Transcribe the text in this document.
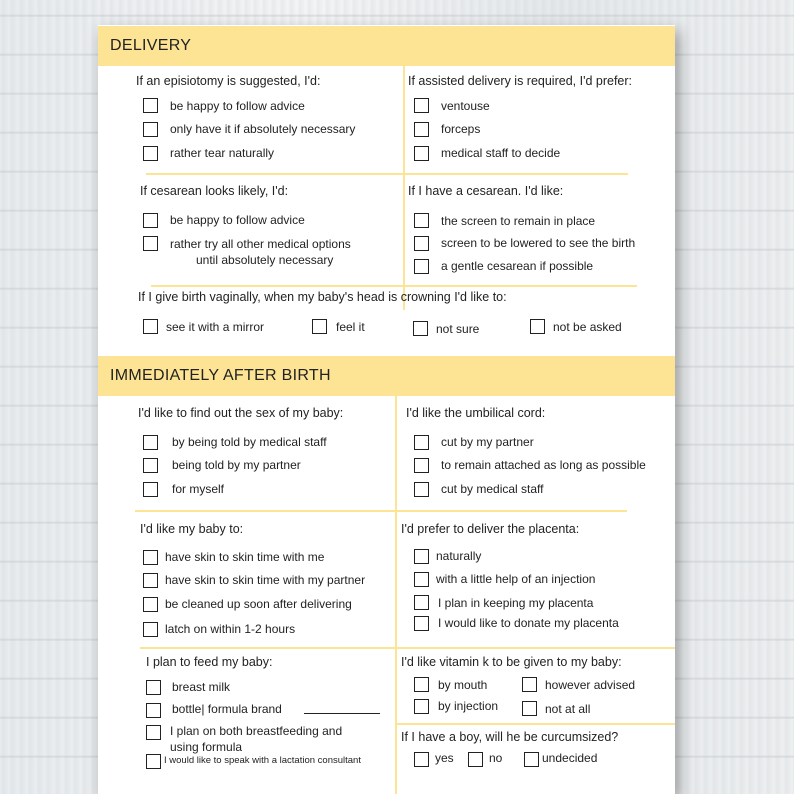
DELIVERY
If an episiotomy is suggested, I'd:
be happy to follow advice
only have it if absolutely necessary
rather tear naturally
If assisted delivery is required, I'd prefer:
ventouse
forceps
medical staff to decide
If cesarean looks likely, I'd:
be happy to follow advice
rather try all other medical options
until absolutely necessary
If I have a cesarean. I'd like:
the screen to remain in place
screen to be lowered to see the birth
a gentle cesarean if possible
If I give birth vaginally, when my baby's head is crowning I'd like to:
see it with a mirror	feel it	not sure	not be asked
IMMEDIATELY AFTER BIRTH
I'd like to find out the sex of my baby:
by being told by medical staff
being told by my partner
for myself
I'd like the umbilical cord:
cut by my partner
to remain attached as long as possible
cut by medical staff
I'd like my baby to:
have skin to skin time with me
have skin to skin time with my partner
be cleaned up soon after delivering
latch on within 1-2 hours
I'd prefer to deliver the placenta:
naturally
with a little help of an injection
I plan in keeping my placenta
I would like to donate my placenta
I plan to feed my baby:
breast milk
bottle| formula brand
I plan on both breastfeeding and
using formula
I would like to speak with a lactation consultant
I'd like vitamin k to be given to my baby:
by mouth	however advised
by injection	not at all
If I have a boy, will he be curcumsized?
yes	no	undecided
